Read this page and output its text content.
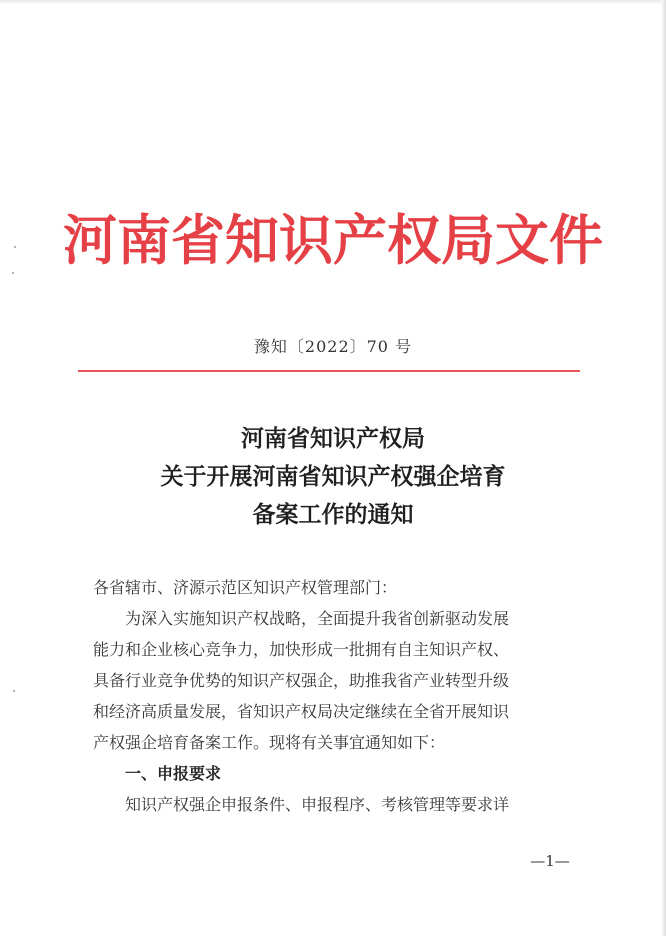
河南省知识产权局文件
豫知〔2022〕70 号
河南省知识产权局
关于开展河南省知识产权强企培育
备案工作的通知
各省辖市、济源示范区知识产权管理部门：
为深入实施知识产权战略，全面提升我省创新驱动发展
能力和企业核心竞争力，加快形成一批拥有自主知识产权、
具备行业竞争优势的知识产权强企，助推我省产业转型升级
和经济高质量发展，省知识产权局决定继续在全省开展知识
产权强企培育备案工作。现将有关事宜通知如下：
一、申报要求
知识产权强企申报条件、申报程序、考核管理等要求详
—1—
